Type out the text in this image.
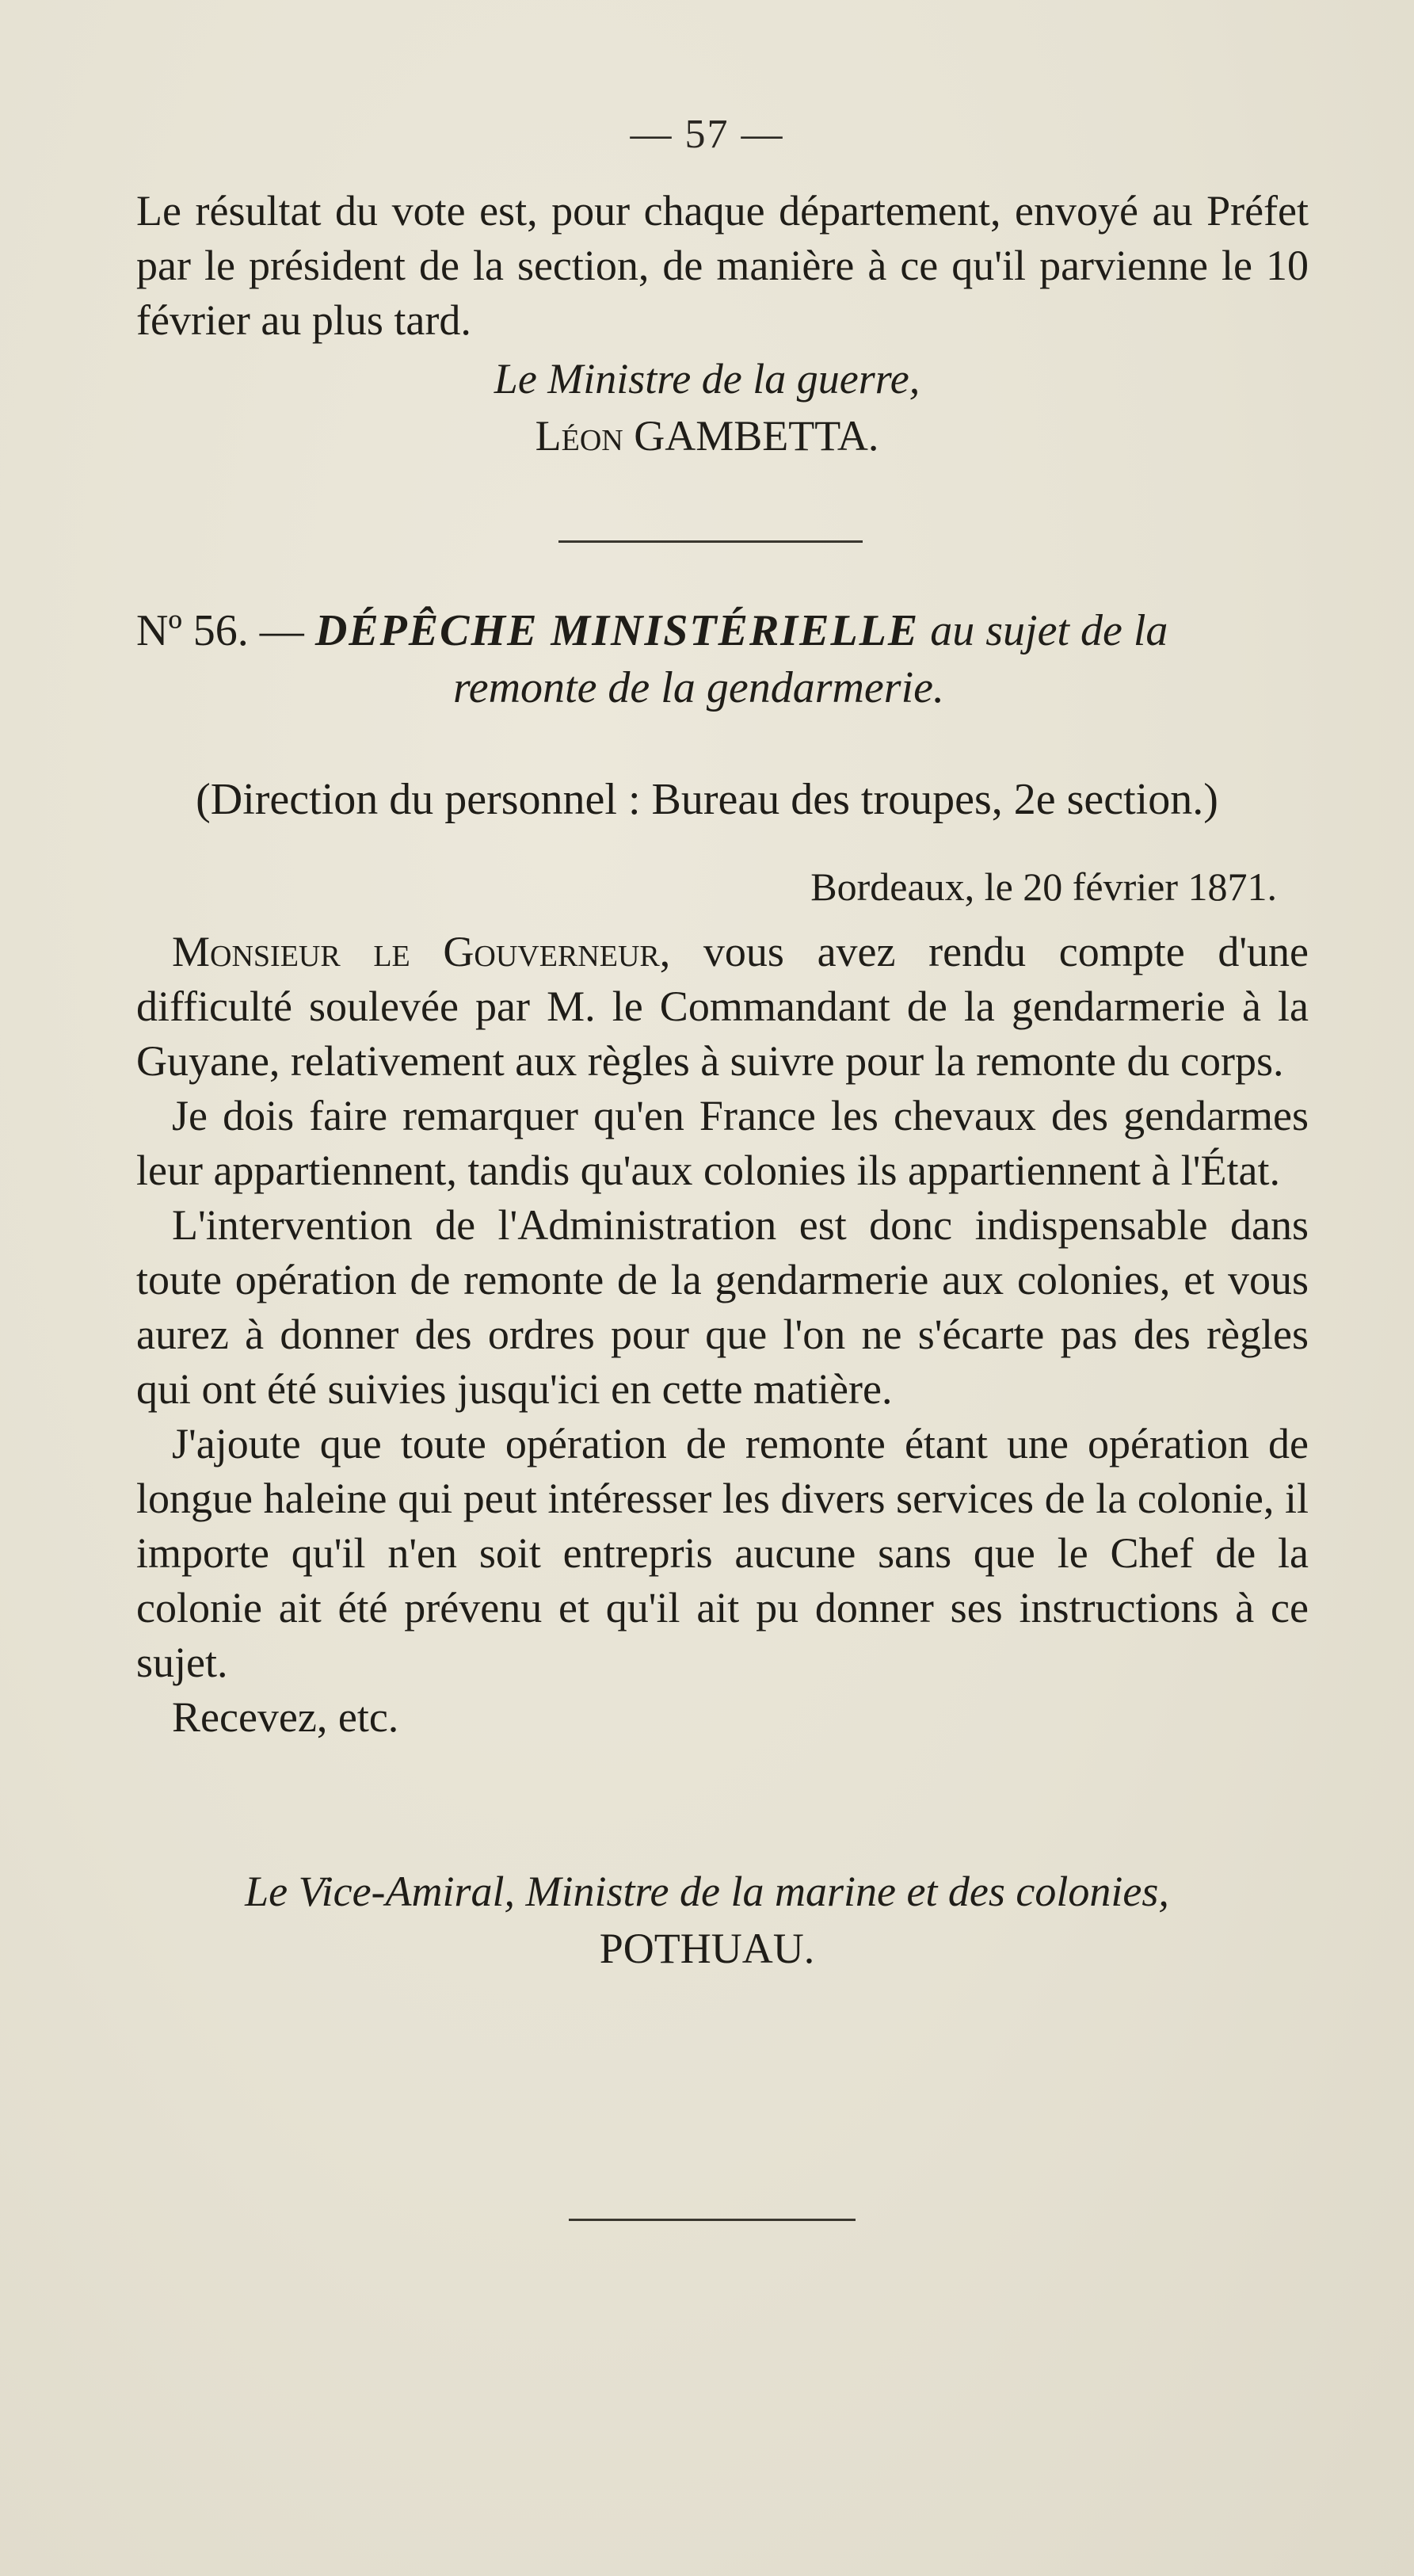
— 57 —

Le résultat du vote est, pour chaque département, envoyé au Préfet par le président de la section, de manière à ce qu'il parvienne le 10 février au plus tard.

Le Ministre de la guerre,
Léon GAMBETTA.
Nº 56. — DÉPÊCHE MINISTÉRIELLE au sujet de la
remonte de la gendarmerie.
(Direction du personnel : Bureau des troupes, 2e section.)
Bordeaux, le 20 février 1871.

Monsieur le Gouverneur, vous avez rendu compte d'une difficulté soulevée par M. le Commandant de la gendarmerie à la Guyane, relativement aux règles à suivre pour la remonte du corps.

Je dois faire remarquer qu'en France les chevaux des gendarmes leur appartiennent, tandis qu'aux colonies ils appartiennent à l'État.

L'intervention de l'Administration est donc indispensable dans toute opération de remonte de la gendarmerie aux colonies, et vous aurez à donner des ordres pour que l'on ne s'écarte pas des règles qui ont été suivies jusqu'ici en cette matière.

J'ajoute que toute opération de remonte étant une opération de longue haleine qui peut intéresser les divers services de la colonie, il importe qu'il n'en soit entrepris aucune sans que le Chef de la colonie ait été prévenu et qu'il ait pu donner ses instructions à ce sujet.

Recevez, etc.

Le Vice-Amiral, Ministre de la marine et des colonies,
POTHUAU.
